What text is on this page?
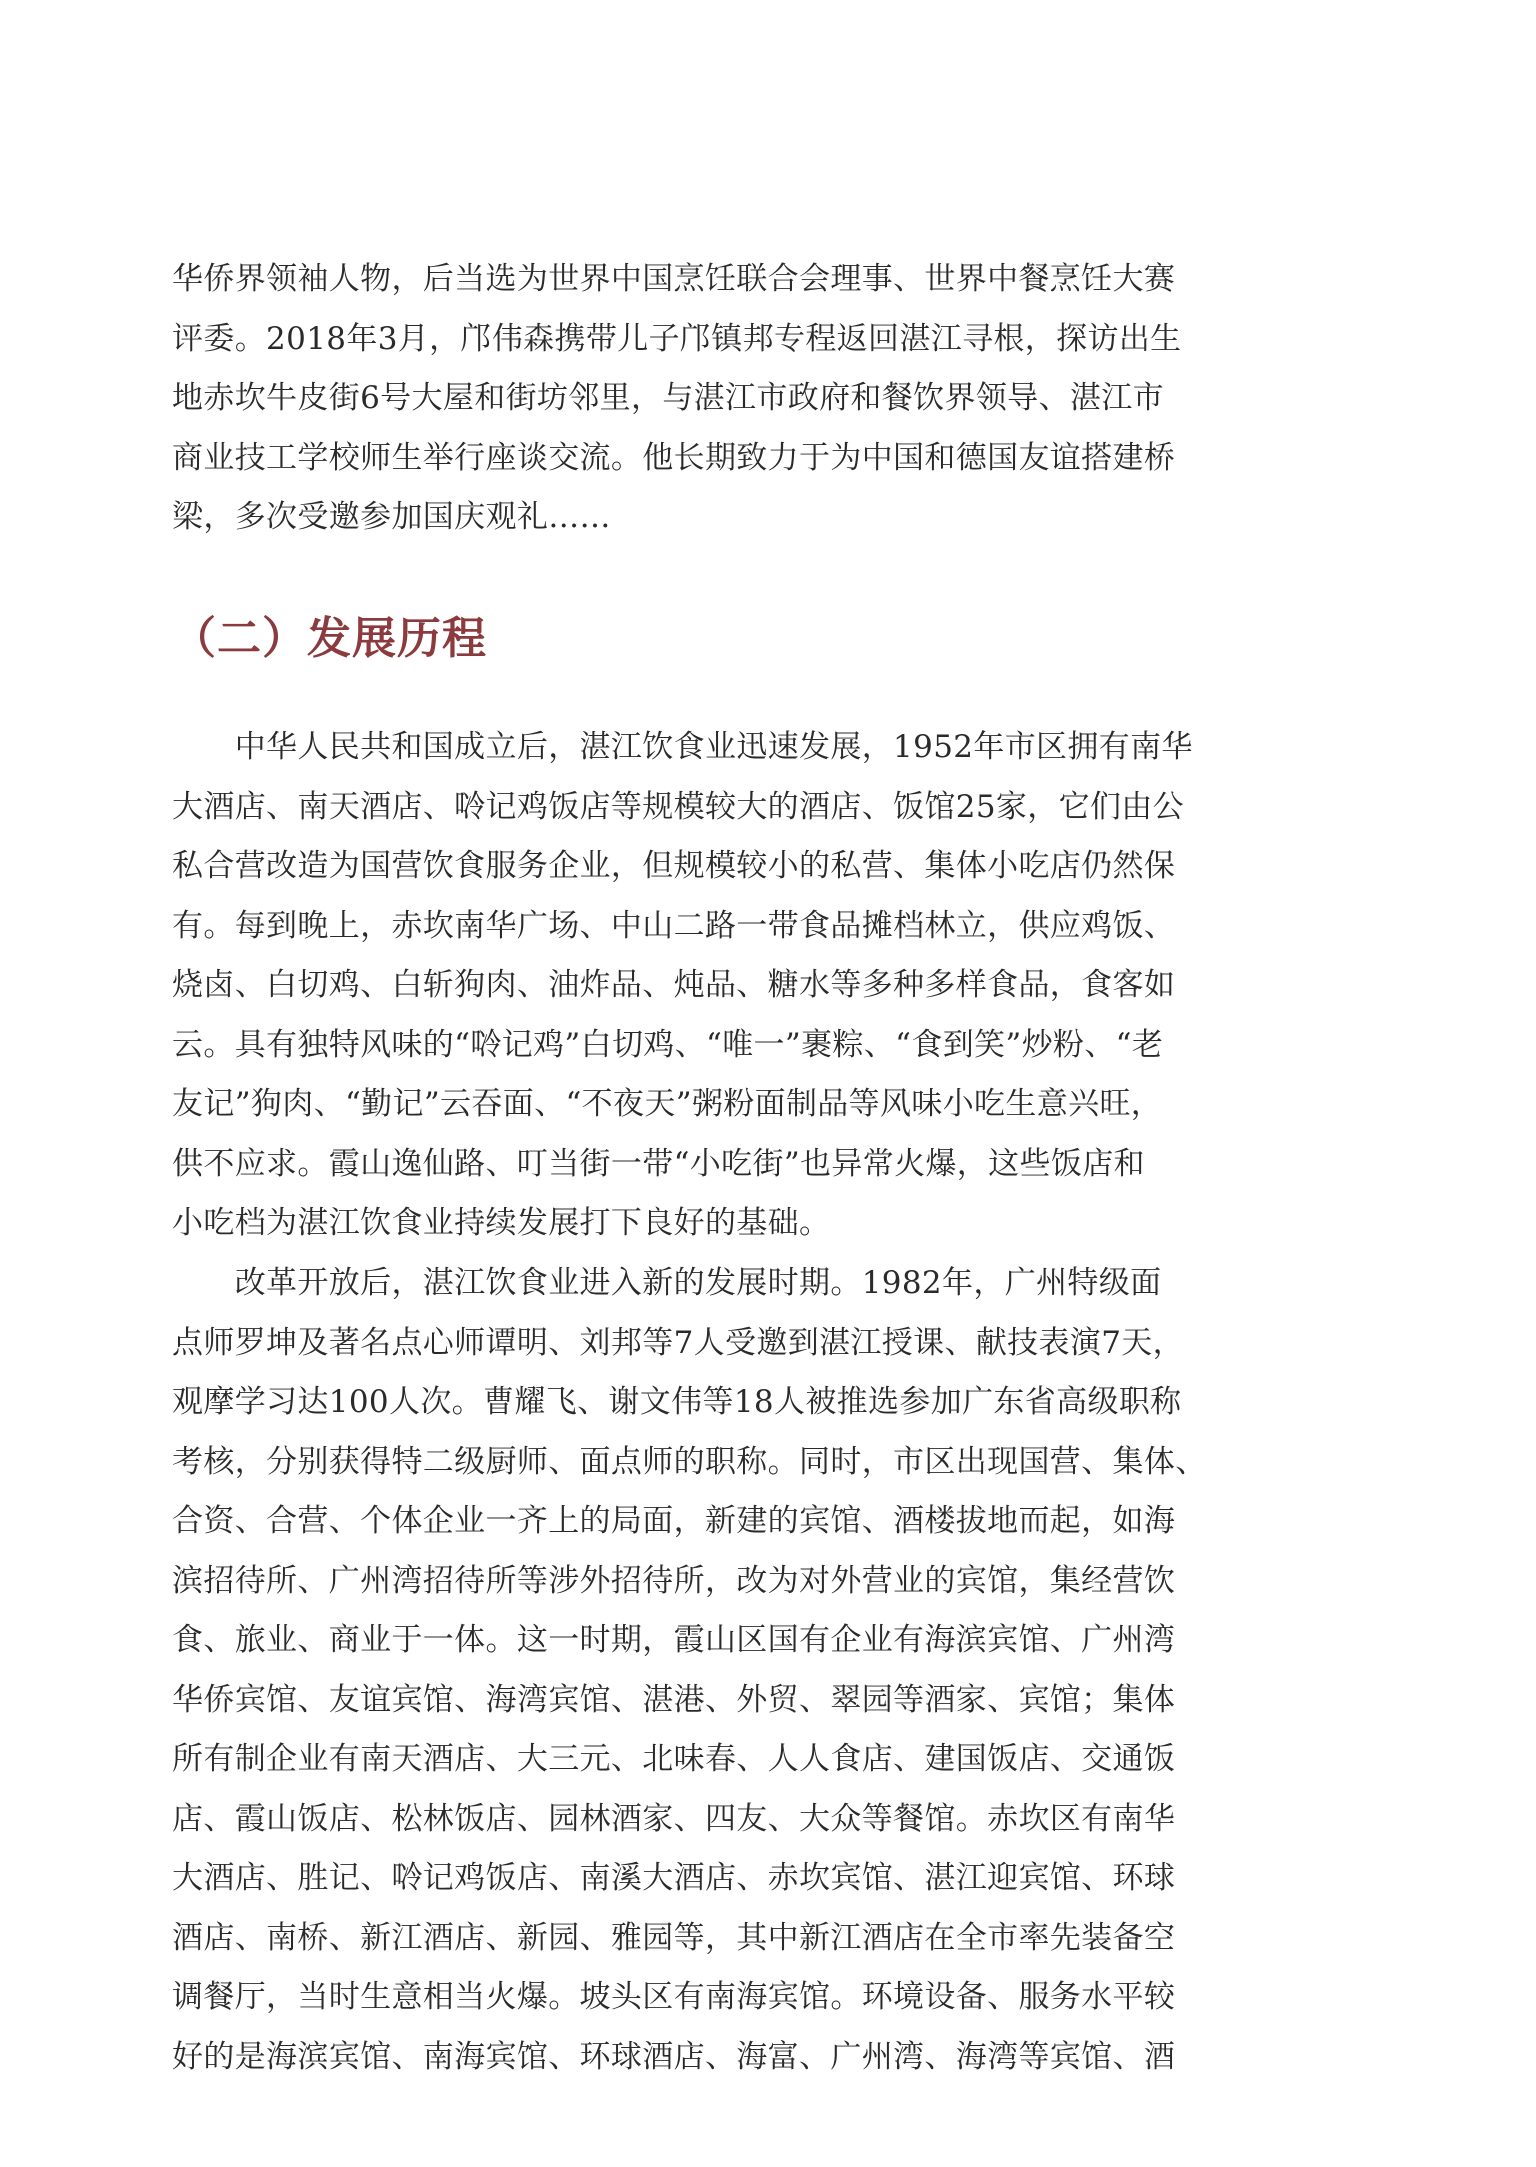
华侨界领袖人物，后当选为世界中国烹饪联合会理事、世界中餐烹饪大赛
评委。2018年3月，邝伟森携带儿子邝镇邦专程返回湛江寻根，探访出生
地赤坎牛皮街6号大屋和街坊邻里，与湛江市政府和餐饮界领导、湛江市
商业技工学校师生举行座谈交流。他长期致力于为中国和德国友谊搭建桥
梁，多次受邀参加国庆观礼……
（二）发展历程
　　中华人民共和国成立后，湛江饮食业迅速发展，1952年市区拥有南华
大酒店、南天酒店、唥记鸡饭店等规模较大的酒店、饭馆25家，它们由公
私合营改造为国营饮食服务企业，但规模较小的私营、集体小吃店仍然保
有。每到晚上，赤坎南华广场、中山二路一带食品摊档林立，供应鸡饭、
烧卤、白切鸡、白斩狗肉、油炸品、炖品、糖水等多种多样食品，食客如
云。具有独特风味的“唥记鸡”白切鸡、“唯一”裹粽、“食到笑”炒粉、“老
友记”狗肉、“勤记”云吞面、“不夜天”粥粉面制品等风味小吃生意兴旺，
供不应求。霞山逸仙路、叮当街一带“小吃街”也异常火爆，这些饭店和
小吃档为湛江饮食业持续发展打下良好的基础。
　　改革开放后，湛江饮食业进入新的发展时期。1982年，广州特级面
点师罗坤及著名点心师谭明、刘邦等7人受邀到湛江授课、献技表演7天，
观摩学习达100人次。曹耀飞、谢文伟等18人被推选参加广东省高级职称
考核，分别获得特二级厨师、面点师的职称。同时，市区出现国营、集体、
合资、合营、个体企业一齐上的局面，新建的宾馆、酒楼拔地而起，如海
滨招待所、广州湾招待所等涉外招待所，改为对外营业的宾馆，集经营饮
食、旅业、商业于一体。这一时期，霞山区国有企业有海滨宾馆、广州湾
华侨宾馆、友谊宾馆、海湾宾馆、湛港、外贸、翠园等酒家、宾馆；集体
所有制企业有南天酒店、大三元、北味春、人人食店、建国饭店、交通饭
店、霞山饭店、松林饭店、园林酒家、四友、大众等餐馆。赤坎区有南华
大酒店、胜记、唥记鸡饭店、南溪大酒店、赤坎宾馆、湛江迎宾馆、环球
酒店、南桥、新江酒店、新园、雅园等，其中新江酒店在全市率先装备空
调餐厅，当时生意相当火爆。坡头区有南海宾馆。环境设备、服务水平较
好的是海滨宾馆、南海宾馆、环球酒店、海富、广州湾、海湾等宾馆、酒
